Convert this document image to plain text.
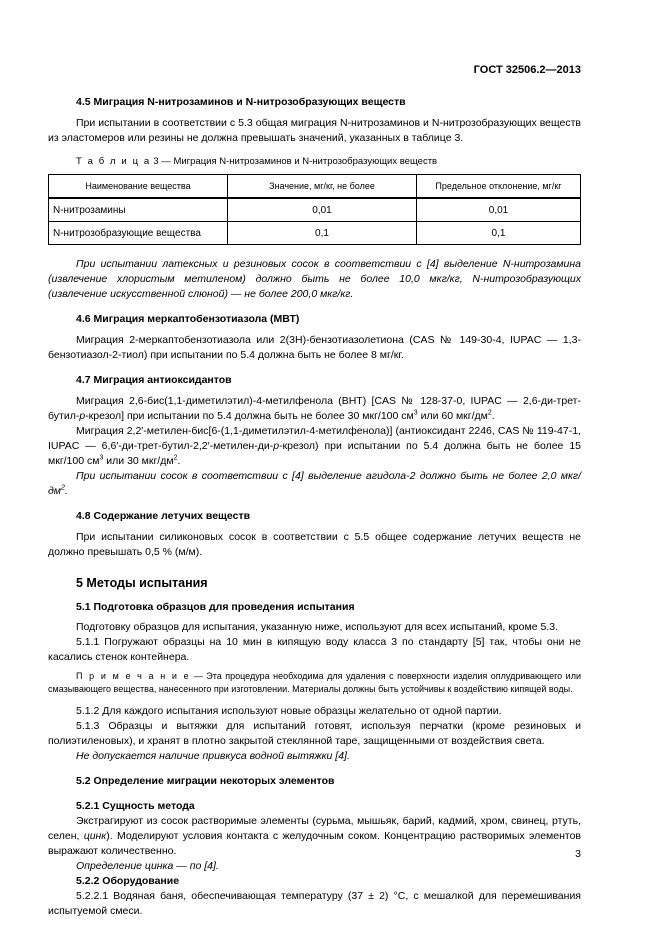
ГОСТ 32506.2—2013
4.5 Миграция N-нитрозаминов и N-нитрозобразующих веществ

При испытании в соответствии с 5.3 общая миграция N-нитрозаминов и N-нитрозобразующих веществ из эластомеров или резины не должна превышать значений, указанных в таблице 3.

Т а б л и ц а 3 — Миграция N-нитрозаминов и N-нитрозобразующих веществ

Наименование вещества	Значение, мг/кг, не более	Предельное отклонение, мг/кг
N-нитрозамины	0,01	0,01
N-нитрозобразующие вещества	0,1	0,1

При испытании латексных и резиновых сосок в соответствии с [4] выделение N-нитрозамина (извлечение хлористым метиленом) должно быть не более 10,0 мкг/кг, N-нитрозобразующих (извлечение искусственной слюной) — не более 200,0 мкг/кг.

4.6 Миграция меркаптобензотиазола (МВТ)

Миграция 2-меркаптобензотиазола или 2(3Н)-бензотиазолетиона (CAS № 149-30-4, IUPAC — 1,3-бензотиазол-2-тиол) при испытании по 5.4 должна быть не более 8 мг/кг.

4.7 Миграция антиоксидантов

Миграция 2,6-бис(1,1-диметилэтил)-4-метилфенола (ВНТ) [CAS № 128-37-0, IUPAC — 2,6-ди-трет-бутил-p-крезол] при испытании по 5.4 должна быть не более 30 мкг/100 $см^3$ или 60 мкг/$дм^2$.

Миграция 2,2′-метилен-бис[6-(1,1-диметилэтил-4-метилфенола)] (антиоксидант 2246, CAS № 119-47-1, IUPAC — 6,6′-ди-трет-бутил-2,2′-метилен-ди-p-крезол) при испытании по 5.4 должна быть не более 15 мкг/100 $см^3$ или 30 мкг/$дм^2$.

При испытании сосок в соответствии с [4] выделение агидола-2 должно быть не более 2,0 мкг/$дм^2$.

4.8 Содержание летучих веществ

При испытании силиконовых сосок в соответствии с 5.5 общее содержание летучих веществ не должно превышать 0,5 % (м/м).

5 Методы испытания
5.1 Подготовка образцов для проведения испытания

Подготовку образцов для испытания, указанную ниже, используют для всех испытаний, кроме 5.3.

5.1.1 Погружают образцы на 10 мин в кипящую воду класса 3 по стандарту [5] так, чтобы они не касались стенок контейнера.

П р и м е ч а н и е — Эта процедура необходима для удаления с поверхности изделия оплудривающего или смазывающего вещества, нанесенного при изготовлении. Материалы должны быть устойчивы к воздействию кипящей воды.

5.1.2 Для каждого испытания используют новые образцы желательно от одной партии.

5.1.3 Образцы и вытяжки для испытаний готовят, используя перчатки (кроме резиновых и полиэтиленовых), и хранят в плотно закрытой стеклянной таре, защищенными от воздействия света.

Не допускается наличие привкуса водной вытяжки [4].

5.2 Определение миграции некоторых элементов
5.2.1 Сущность метода

Экстрагируют из сосок растворимые элементы (сурьма, мышьяк, барий, кадмий, хром, свинец, ртуть, селен, цинк). Моделируют условия контакта с желудочным соком. Концентрацию растворимых элементов выражают количественно.

Определение цинка — по [4].

5.2.2 Оборудование

5.2.2.1 Водяная баня, обеспечивающая температуру (37 ± 2) °С, с мешалкой для перемешивания испытуемой смеси.

3
